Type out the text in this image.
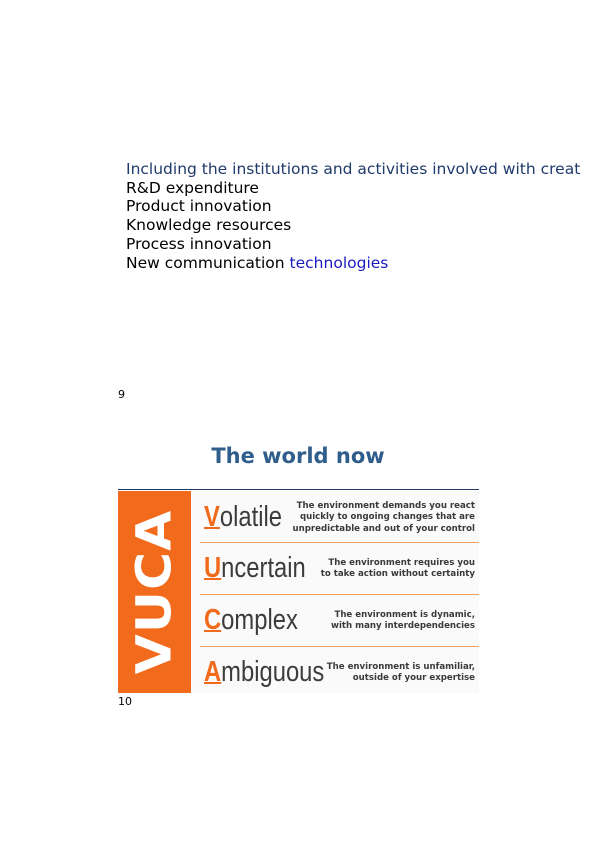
Including the institutions and activities involved with creat
R&D expenditure
Product innovation
Knowledge resources
Process innovation
New communication technologies
9
The world now
VUCA Volatile	The environment demands you react
quickly to ongoing changes that are
unpredictable and out of your control
Uncertain	The environment requires you
to take action without certainty
Complex	The environment is dynamic,
with many interdependencies
Ambiguous The environment is unfamiliar,
outside of your expertise
10
